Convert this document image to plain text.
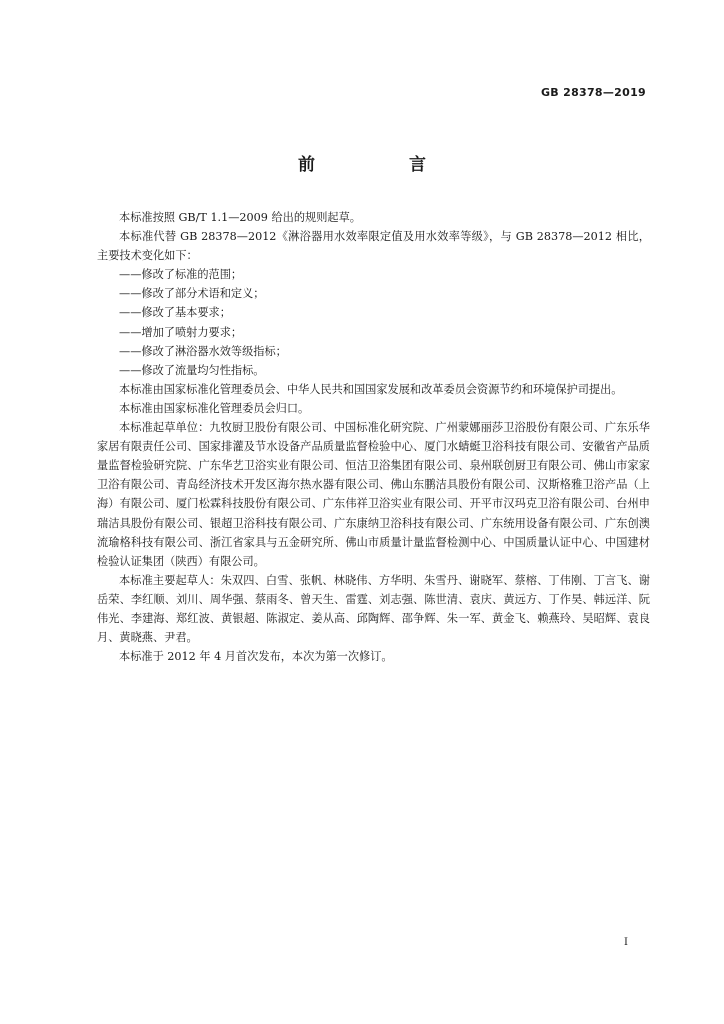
GB 28378—2019
前 言

本标准按照 GB/T 1.1—2009 给出的规则起草。

本标准代替 GB 28378—2012《淋浴器用水效率限定值及用水效率等级》，与 GB 28378—2012 相比，主要技术变化如下：

——修改了标准的范围；
——修改了部分术语和定义；
——修改了基本要求；
——增加了喷射力要求；
——修改了淋浴器水效等级指标；
——修改了流量均匀性指标。

本标准由国家标准化管理委员会、中华人民共和国国家发展和改革委员会资源节约和环境保护司提出。

本标准由国家标准化管理委员会归口。

本标准起草单位：九牧厨卫股份有限公司、中国标准化研究院、广州蒙娜丽莎卫浴股份有限公司、广东乐华家居有限责任公司、国家排灌及节水设备产品质量监督检验中心、厦门水蜻蜓卫浴科技有限公司、安徽省产品质量监督检验研究院、广东华艺卫浴实业有限公司、恒洁卫浴集团有限公司、泉州联创厨卫有限公司、佛山市家家卫浴有限公司、青岛经济技术开发区海尔热水器有限公司、佛山东鹏洁具股份有限公司、汉斯格雅卫浴产品（上海）有限公司、厦门松霖科技股份有限公司、广东伟祥卫浴实业有限公司、开平市汉玛克卫浴有限公司、台州申瑞洁具股份有限公司、银超卫浴科技有限公司、广东康纳卫浴科技有限公司、广东统用设备有限公司、广东创澳流瑜格科技有限公司、浙江省家具与五金研究所、佛山市质量计量监督检测中心、中国质量认证中心、中国建材检验认证集团（陕西）有限公司。

本标准主要起草人：朱双四、白雪、张帆、林晓伟、方华明、朱雪丹、谢晓军、蔡榕、丁伟刚、丁言飞、谢岳荣、李红顺、刘川、周华强、蔡雨冬、曾天生、雷霆、刘志强、陈世清、袁庆、黄远方、丁作昊、韩远洋、阮伟光、李建海、郑红波、黄银超、陈淑定、姜从高、邱陶辉、邵争辉、朱一军、黄金飞、赖燕玲、吴昭辉、袁良月、黄晓燕、尹君。

本标准于 2012 年 4 月首次发布，本次为第一次修订。

I
